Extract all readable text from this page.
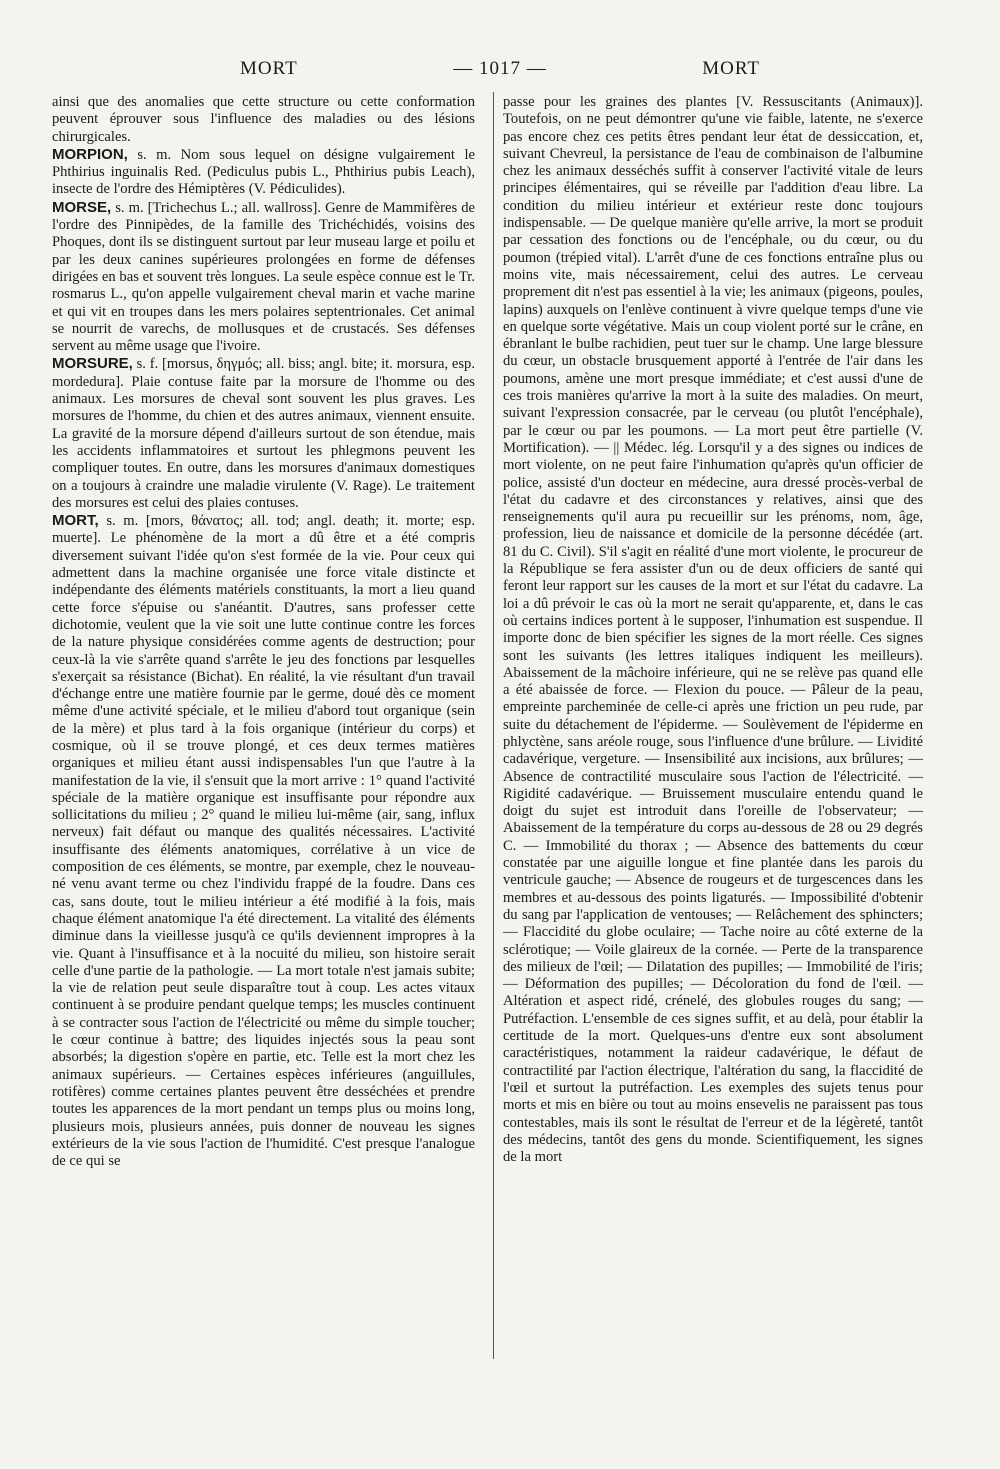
MORT	— 1017 —	MORT

ainsi que des anomalies que cette structure ou cette conformation peuvent éprouver sous l'influence des maladies ou des lésions chirurgicales.

MORPION, s. m. Nom sous lequel on désigne vulgairement le Phthirius inguinalis Red. (Pediculus pubis L., Phthirius pubis Leach), insecte de l'ordre des Hémiptères (V. Pédiculides).

MORSE, s. m. [Trichechus L.; all. wallross]. Genre de Mammifères de l'ordre des Pinnipèdes, de la famille des Trichéchidés, voisins des Phoques, dont ils se distinguent surtout par leur museau large et poilu et par les deux canines supérieures prolongées en forme de défenses dirigées en bas et souvent très longues. La seule espèce connue est le Tr. rosmarus L., qu'on appelle vulgairement cheval marin et vache marine et qui vit en troupes dans les mers polaires septentrionales. Cet animal se nourrit de varechs, de mollusques et de crustacés. Ses défenses servent au même usage que l'ivoire.

MORSURE, s. f. [morsus, δηγμός; all. biss; angl. bite; it. morsura, esp. mordedura]. Plaie contuse faite par la morsure de l'homme ou des animaux. Les morsures de cheval sont souvent les plus graves. Les morsures de l'homme, du chien et des autres animaux, viennent ensuite. La gravité de la morsure dépend d'ailleurs surtout de son étendue, mais les accidents inflammatoires et surtout les phlegmons peuvent les compliquer toutes. En outre, dans les morsures d'animaux domestiques on a toujours à craindre une maladie virulente (V. Rage). Le traitement des morsures est celui des plaies contuses.

MORT, s. m. [mors, θάνατος; all. tod; angl. death; it. morte; esp. muerte]. Le phénomène de la mort a dû être et a été compris diversement suivant l'idée qu'on s'est formée de la vie. Pour ceux qui admettent dans la machine organisée une force vitale distincte et indépendante des éléments matériels constituants, la mort a lieu quand cette force s'épuise ou s'anéantit. D'autres, sans professer cette dichotomie, veulent que la vie soit une lutte continue contre les forces de la nature physique considérées comme agents de destruction; pour ceux-là la vie s'arrête quand s'arrête le jeu des fonctions par lesquelles s'exerçait sa résistance (Bichat). En réalité, la vie résultant d'un travail d'échange entre une matière fournie par le germe, doué dès ce moment même d'une activité spéciale, et le milieu d'abord tout organique (sein de la mère) et plus tard à la fois organique (intérieur du corps) et cosmique, où il se trouve plongé, et ces deux termes matières organiques et milieu étant aussi indispensables l'un que l'autre à la manifestation de la vie, il s'ensuit que la mort arrive : 1° quand l'activité spéciale de la matière organique est insuffisante pour répondre aux sollicitations du milieu ; 2° quand le milieu lui-même (air, sang, influx nerveux) fait défaut ou manque des qualités nécessaires. L'activité insuffisante des éléments anatomiques, corrélative à un vice de composition de ces éléments, se montre, par exemple, chez le nouveau-né venu avant terme ou chez l'individu frappé de la foudre. Dans ces cas, sans doute, tout le milieu intérieur a été modifié à la fois, mais chaque élément anatomique l'a été directement. La vitalité des éléments diminue dans la vieillesse jusqu'à ce qu'ils deviennent impropres à la vie. Quant à l'insuffisance et à la nocuité du milieu, son histoire serait celle d'une partie de la pathologie. — La mort totale n'est jamais subite; la vie de relation peut seule disparaître tout à coup. Les actes vitaux continuent à se produire pendant quelque temps; les muscles continuent à se contracter sous l'action de l'électricité ou même du simple toucher; le cœur continue à battre; des liquides injectés sous la peau sont absorbés; la digestion s'opère en partie, etc. Telle est la mort chez les animaux supérieurs. — Certaines espèces inférieures (anguillules, rotifères) comme certaines plantes peuvent être desséchées et prendre toutes les apparences de la mort pendant un temps plus ou moins long, plusieurs mois, plusieurs années, puis donner de nouveau les signes extérieurs de la vie sous l'action de l'humidité. C'est presque l'analogue de ce qui se

passe pour les graines des plantes [V. Ressuscitants (Animaux)]. Toutefois, on ne peut démontrer qu'une vie faible, latente, ne s'exerce pas encore chez ces petits êtres pendant leur état de dessiccation, et, suivant Chevreul, la persistance de l'eau de combinaison de l'albumine chez les animaux desséchés suffit à conserver l'activité vitale de leurs principes élémentaires, qui se réveille par l'addition d'eau libre. La condition du milieu intérieur et extérieur reste donc toujours indispensable. — De quelque manière qu'elle arrive, la mort se produit par cessation des fonctions ou de l'encéphale, ou du cœur, ou du poumon (trépied vital). L'arrêt d'une de ces fonctions entraîne plus ou moins vite, mais nécessairement, celui des autres. Le cerveau proprement dit n'est pas essentiel à la vie; les animaux (pigeons, poules, lapins) auxquels on l'enlève continuent à vivre quelque temps d'une vie en quelque sorte végétative. Mais un coup violent porté sur le crâne, en ébranlant le bulbe rachidien, peut tuer sur le champ. Une large blessure du cœur, un obstacle brusquement apporté à l'entrée de l'air dans les poumons, amène une mort presque immédiate; et c'est aussi d'une de ces trois manières qu'arrive la mort à la suite des maladies. On meurt, suivant l'expression consacrée, par le cerveau (ou plutôt l'encéphale), par le cœur ou par les poumons. — La mort peut être partielle (V. Mortification). — || Médec. lég. Lorsqu'il y a des signes ou indices de mort violente, on ne peut faire l'inhumation qu'après qu'un officier de police, assisté d'un docteur en médecine, aura dressé procès-verbal de l'état du cadavre et des circonstances y relatives, ainsi que des renseignements qu'il aura pu recueillir sur les prénoms, nom, âge, profession, lieu de naissance et domicile de la personne décédée (art. 81 du C. Civil). S'il s'agit en réalité d'une mort violente, le procureur de la République se fera assister d'un ou de deux officiers de santé qui feront leur rapport sur les causes de la mort et sur l'état du cadavre. La loi a dû prévoir le cas où la mort ne serait qu'apparente, et, dans le cas où certains indices portent à le supposer, l'inhumation est suspendue. Il importe donc de bien spécifier les signes de la mort réelle. Ces signes sont les suivants (les lettres italiques indiquent les meilleurs). Abaissement de la mâchoire inférieure, qui ne se relève pas quand elle a été abaissée de force. — Flexion du pouce. — Pâleur de la peau, empreinte parcheminée de celle-ci après une friction un peu rude, par suite du détachement de l'épiderme. — Soulèvement de l'épiderme en phlyctène, sans aréole rouge, sous l'influence d'une brûlure. — Lividité cadavérique, vergeture. — Insensibilité aux incisions, aux brûlures; — Absence de contractilité musculaire sous l'action de l'électricité. — Rigidité cadavérique. — Bruissement musculaire entendu quand le doigt du sujet est introduit dans l'oreille de l'observateur; — Abaissement de la température du corps au-dessous de 28 ou 29 degrés C. — Immobilité du thorax ; — Absence des battements du cœur constatée par une aiguille longue et fine plantée dans les parois du ventricule gauche; — Absence de rougeurs et de turgescences dans les membres et au-dessous des points ligaturés. — Impossibilité d'obtenir du sang par l'application de ventouses; — Relâchement des sphincters; — Flaccidité du globe oculaire; — Tache noire au côté externe de la sclérotique; — Voile glaireux de la cornée. — Perte de la transparence des milieux de l'œil; — Dilatation des pupilles; — Immobilité de l'iris; — Déformation des pupilles; — Décoloration du fond de l'œil. — Altération et aspect ridé, crénelé, des globules rouges du sang; — Putréfaction. L'ensemble de ces signes suffit, et au delà, pour établir la certitude de la mort. Quelques-uns d'entre eux sont absolument caractéristiques, notamment la raideur cadavérique, le défaut de contractilité par l'action électrique, l'altération du sang, la flaccidité de l'œil et surtout la putréfaction. Les exemples des sujets tenus pour morts et mis en bière ou tout au moins ensevelis ne paraissent pas tous contestables, mais ils sont le résultat de l'erreur et de la légèreté, tantôt des médecins, tantôt des gens du monde. Scientifiquement, les signes de la mort
